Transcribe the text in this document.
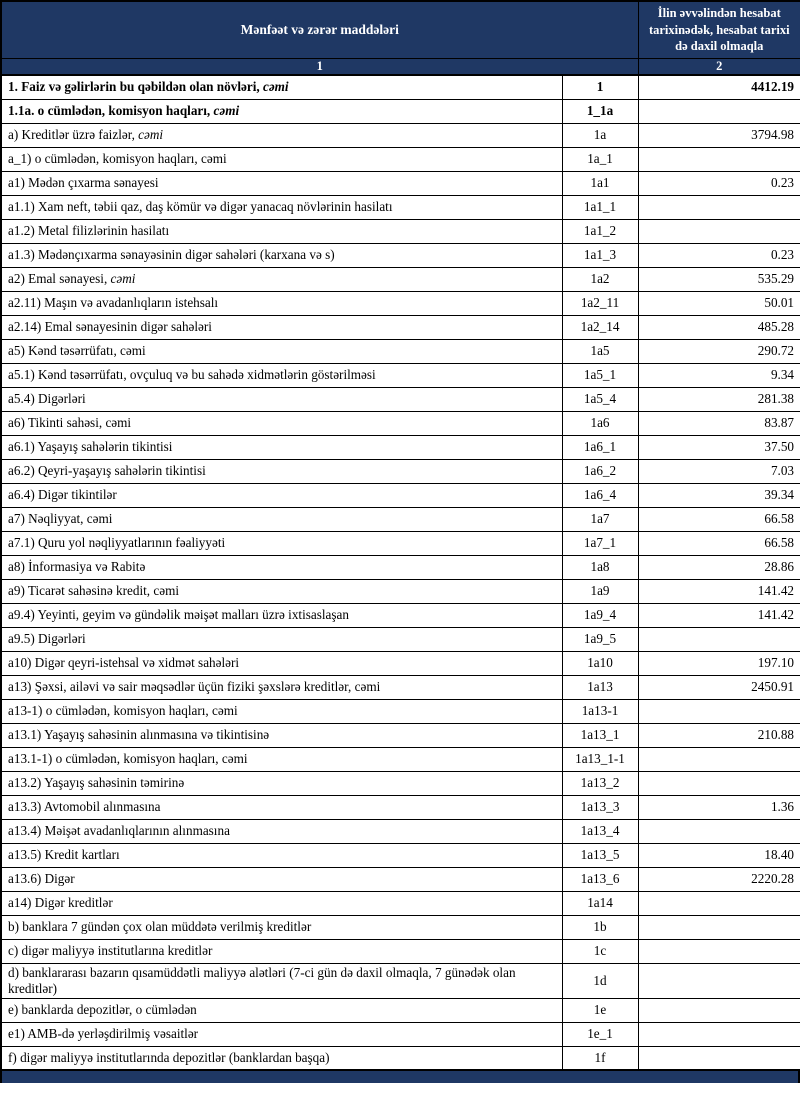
Mənfəət və zərər maddələri		İlin əvvəlindən hesabat tarixinədək, hesabat tarixi də daxil olmaqla
1		2
1. Faiz və gəlirlərin bu qəbildən olan növləri, cəmi	1	4412.19
1.1a. o cümlədən, komisyon haqları, cəmi	1_1a	
a) Kreditlər üzrə faizlər, cəmi	1a	3794.98
a_1) o cümlədən, komisyon haqları, cəmi	1a_1	
a1) Mədən çıxarma sənayesi	1a1	0.23
a1.1) Xam neft, təbii qaz, daş kömür və digər yanacaq növlərinin hasilatı	1a1_1	
a1.2) Metal filizlərinin hasilatı	1a1_2	
a1.3) Mədənçıxarma sənayəsinin digər sahələri (karxana və s)	1a1_3	0.23
a2) Emal sənayesi, cəmi	1a2	535.29
a2.11) Maşın və avadanlıqların istehsalı	1a2_11	50.01
a2.14) Emal sənayesinin digər sahələri	1a2_14	485.28
a5) Kənd təsərrüfatı, cəmi	1a5	290.72
a5.1) Kənd təsərrüfatı, ovçuluq və bu sahədə xidmətlərin göstərilməsi	1a5_1	9.34
a5.4) Digərləri	1a5_4	281.38
a6) Tikinti sahəsi, cəmi	1a6	83.87
a6.1) Yaşayış sahələrin tikintisi	1a6_1	37.50
a6.2) Qeyri-yaşayış sahələrin tikintisi	1a6_2	7.03
a6.4) Digər tikintilər	1a6_4	39.34
a7) Nəqliyyat, cəmi	1a7	66.58
a7.1) Quru yol nəqliyyatlarının fəaliyyəti	1a7_1	66.58
a8) İnformasiya və Rabitə	1a8	28.86
a9) Ticarət sahəsinə kredit, cəmi	1a9	141.42
a9.4) Yeyinti, geyim və gündəlik məişət malları üzrə ixtisaslaşan	1a9_4	141.42
a9.5) Digərləri	1a9_5	
a10) Digər qeyri-istehsal və xidmət sahələri	1a10	197.10
a13) Şəxsi, ailəvi və sair məqsədlər üçün fiziki şəxslərə kreditlər, cəmi	1a13	2450.91
a13-1) o cümlədən, komisyon haqları, cəmi	1a13-1	
a13.1) Yaşayış sahəsinin alınmasına və tikintisinə	1a13_1	210.88
a13.1-1) o cümlədən, komisyon haqları, cəmi	1a13_1-1	
a13.2) Yaşayış sahəsinin təmirinə	1a13_2	
a13.3) Avtomobil alınmasına	1a13_3	1.36
a13.4) Məişət avadanlıqlarının alınmasına	1a13_4	
a13.5) Kredit kartları	1a13_5	18.40
a13.6) Digər	1a13_6	2220.28
a14) Digər kreditlər	1a14	
b) banklara 7 gündən çox olan müddətə verilmiş kreditlər	1b	
c) digər maliyyə institutlarına kreditlər	1c	
d) banklararası bazarın qısamüddətli maliyyə alətləri (7-ci gün də daxil olmaqla, 7 günədək olan kreditlər)	1d	
e) banklarda depozitlər, o cümlədən	1e	
e1) AMB-də yerləşdirilmiş vəsaitlər	1e_1	
f) digər maliyyə institutlarında depozitlər (banklardan başqa)	1f	
